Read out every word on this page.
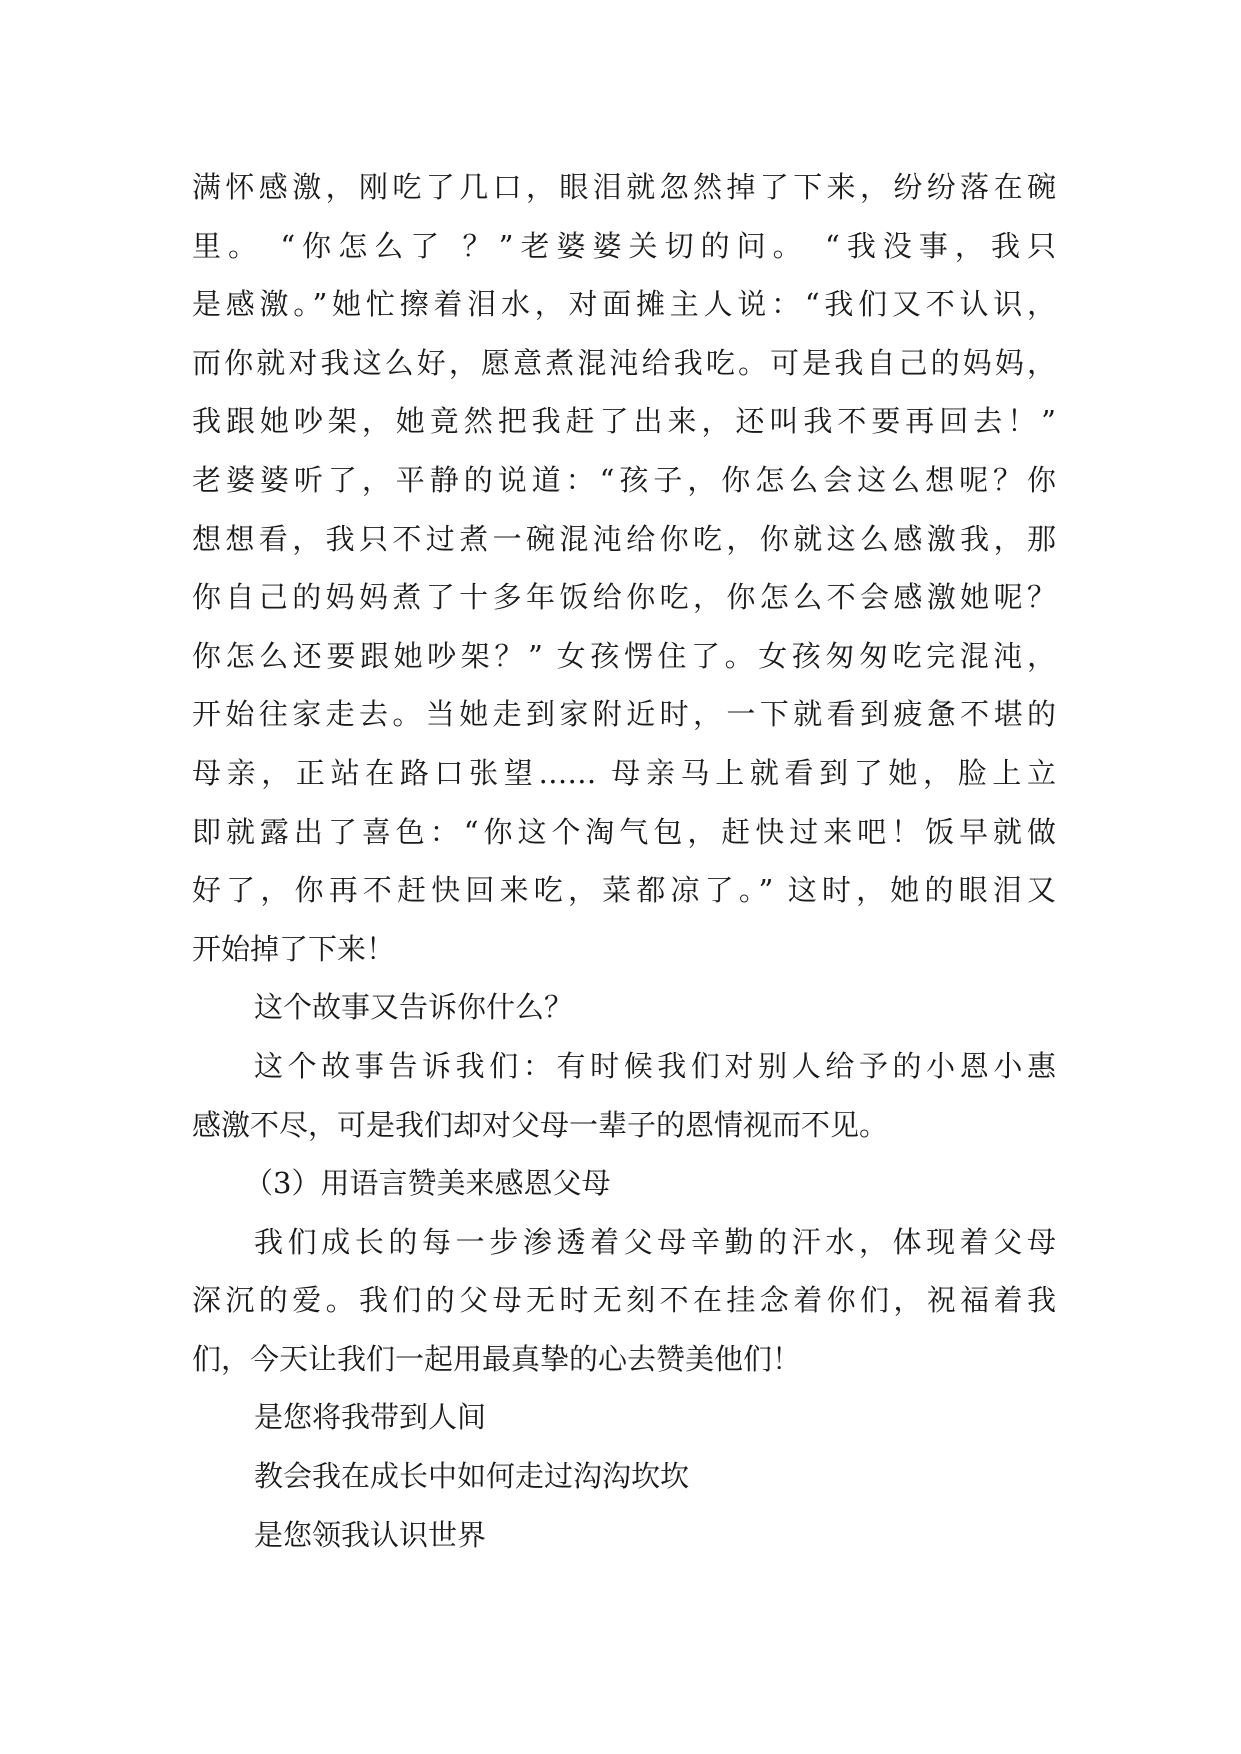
满怀感激，刚吃了几口，眼泪就忽然掉了下来，纷纷落在碗
里。 “你怎么了 ？”老婆婆关切的问。 “我没事，我只
是感激。”她忙擦着泪水，对面摊主人说：“我们又不认识，
而你就对我这么好，愿意煮混沌给我吃。可是我自己的妈妈，
我跟她吵架，她竟然把我赶了出来，还叫我不要再回去！”
老婆婆听了，平静的说道：“孩子，你怎么会这么想呢？你
想想看，我只不过煮一碗混沌给你吃，你就这么感激我，那
你自己的妈妈煮了十多年饭给你吃，你怎么不会感激她呢？
你怎么还要跟她吵架？” 女孩愣住了。女孩匆匆吃完混沌，
开始往家走去。当她走到家附近时，一下就看到疲惫不堪的
母亲，正站在路口张望…… 母亲马上就看到了她，脸上立
即就露出了喜色：“你这个淘气包，赶快过来吧！饭早就做
好了，你再不赶快回来吃，菜都凉了。” 这时，她的眼泪又
开始掉了下来！
这个故事又告诉你什么？
这个故事告诉我们：有时候我们对别人给予的小恩小惠
感激不尽，可是我们却对父母一辈子的恩情视而不见。
（3）用语言赞美来感恩父母
我们成长的每一步渗透着父母辛勤的汗水，体现着父母
深沉的爱。我们的父母无时无刻不在挂念着你们，祝福着我
们，今天让我们一起用最真挚的心去赞美他们！
是您将我带到人间
教会我在成长中如何走过沟沟坎坎
是您领我认识世界
